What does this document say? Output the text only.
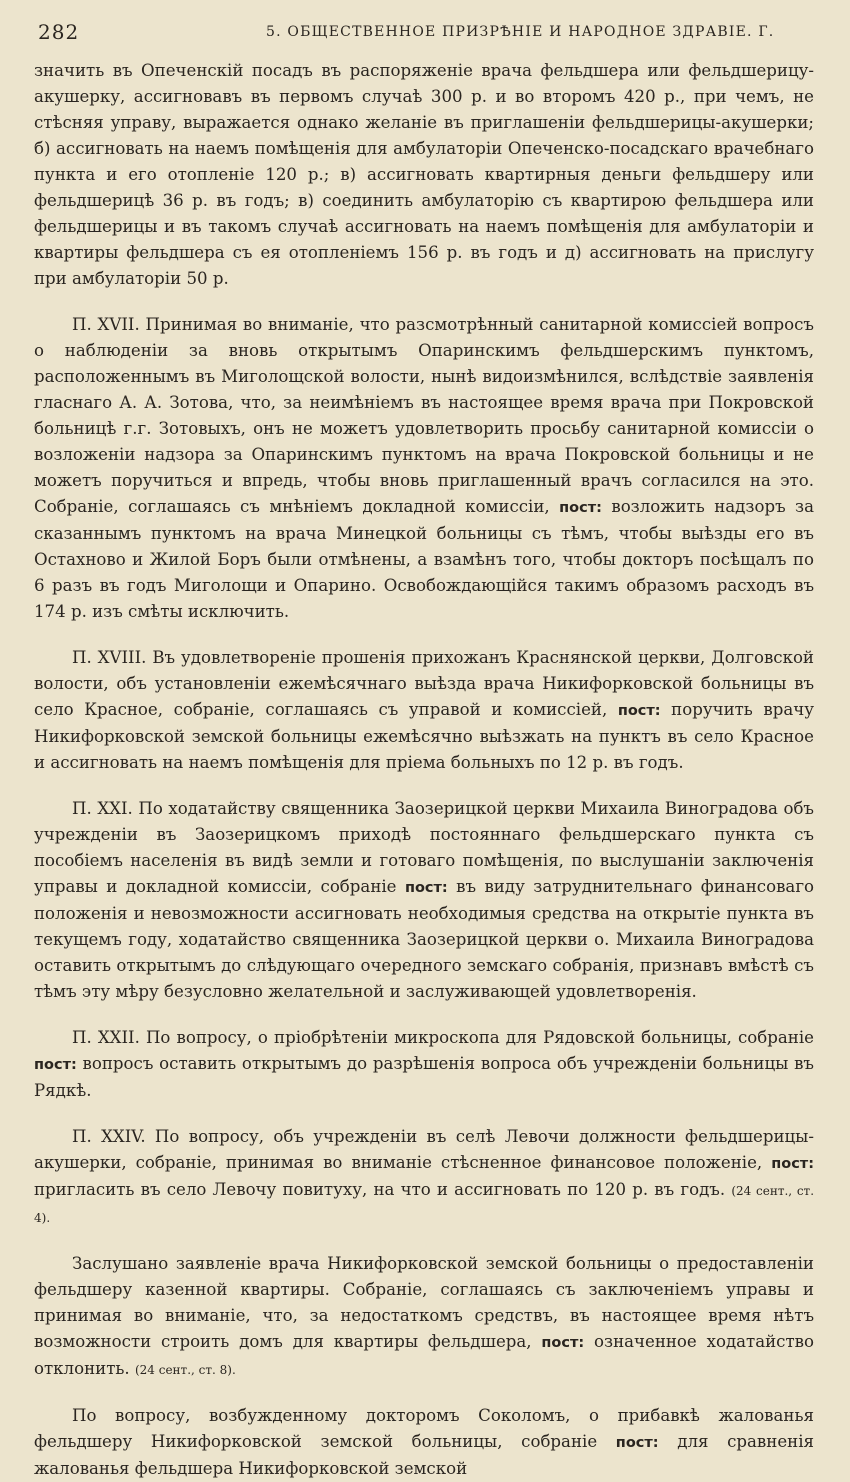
282	5. ОБЩЕСТВЕННОЕ ПРИЗРѢНIЕ И НАРОДНОЕ ЗДРАВIЕ. Г.

значить въ Опеченскій посадъ въ распоряженіе врача фельдшера или фельдшерицу-акушерку, ассигновавъ въ первомъ случаѣ 300 р. и во второмъ 420 р., при чемъ, не стѣсняя управу, выражается однако желаніе въ приглашеніи фельдшерицы-акушерки; б) ассигновать на наемъ помѣщенія для амбулаторіи Опеченско-посадскаго врачебнаго пункта и его отопленіе 120 р.; в) ассигновать квартирныя деньги фельдшеру или фельдшерицѣ 36 р. въ годъ; в) соединить амбулаторію съ квартирою фельдшера или фельдшерицы и въ такомъ случаѣ ассигновать на наемъ помѣщенія для амбулаторіи и квартиры фельдшера съ ея отопленіемъ 156 р. въ годъ и д) ассигновать на прислугу при амбулаторіи 50 р.

П. XVII. Принимая во вниманіе, что разсмотрѣнный санитарной комиссіей вопросъ о наблюденіи за вновь открытымъ Опаринскимъ фельдшерскимъ пунктомъ, расположеннымъ въ Миголощской волости, нынѣ видоизмѣнился, вслѣдствіе заявленія гласнаго А. А. Зотова, что, за неимѣніемъ въ настоящее время врача при Покровской больницѣ г.г. Зотовыхъ, онъ не можетъ удовлетворить просьбу санитарной комиссіи о возложеніи надзора за Опаринскимъ пунктомъ на врача Покровской больницы и не можетъ поручиться и впредь, чтобы вновь приглашенный врачъ согласился на это. Собраніе, соглашаясь съ мнѣніемъ докладной комиссіи, пост: возложить надзоръ за сказаннымъ пунктомъ на врача Минецкой больницы съ тѣмъ, чтобы выѣзды его въ Остахново и Жилой Боръ были отмѣнены, а взамѣнъ того, чтобы докторъ посѣщалъ по 6 разъ въ годъ Миголощи и Опарино. Освобождающійся такимъ образомъ расходъ въ 174 р. изъ смѣты исключить.

П. XVIII. Въ удовлетвореніе прошенія прихожанъ Краснянской церкви, Долговской волости, объ установленіи ежемѣсячнаго выѣзда врача Никифорковской больницы въ село Красное, собраніе, соглашаясь съ управой и комиссіей, пост: поручить врачу Никифорковской земской больницы ежемѣсячно выѣзжать на пунктъ въ село Красное и ассигновать на наемъ помѣщенія для пріема больныхъ по 12 р. въ годъ.

П. XXI. По ходатайству священника Заозерицкой церкви Михаила Виноградова объ учрежденіи въ Заозерицкомъ приходѣ постояннаго фельдшерскаго пункта съ пособіемъ населенія въ видѣ земли и готоваго помѣщенія, по выслушаніи заключенія управы и докладной комиссіи, собраніе пост: въ виду затруднительнаго финансоваго положенія и невозможности ассигновать необходимыя средства на открытіе пункта въ текущемъ году, ходатайство священника Заозерицкой церкви о. Михаила Виноградова оставить открытымъ до слѣдующаго очередного земскаго собранія, признавъ вмѣстѣ съ тѣмъ эту мѣру безусловно желательной и заслуживающей удовлетворенія.

П. XXII. По вопросу, о пріобрѣтеніи микроскопа для Рядовской больницы, собраніе пост: вопросъ оставить открытымъ до разрѣшенія вопроса объ учрежденіи больницы въ Рядкѣ.

П. XXIV. По вопросу, объ учрежденіи въ селѣ Левочи должности фельдшерицы-акушерки, собраніе, принимая во вниманіе стѣсненное финансовое положеніе, пост: пригласить въ село Левочу повитуху, на что и ассигновать по 120 р. въ годъ. (24 сент., ст. 4).

Заслушано заявленіе врача Никифорковской земской больницы о предоставленіи фельдшеру казенной квартиры. Собраніе, соглашаясь съ заключеніемъ управы и принимая во вниманіе, что, за недостаткомъ средствъ, въ настоящее время нѣтъ возможности строить домъ для квартиры фельдшера, пост: означенное ходатайство отклонить. (24 сент., ст. 8).

По вопросу, возбужденному докторомъ Соколомъ, о прибавкѣ жалованья фельдшеру Никифорковской земской больницы, собраніе пост: для сравненія жалованья фельдшера Никифорковской земской
